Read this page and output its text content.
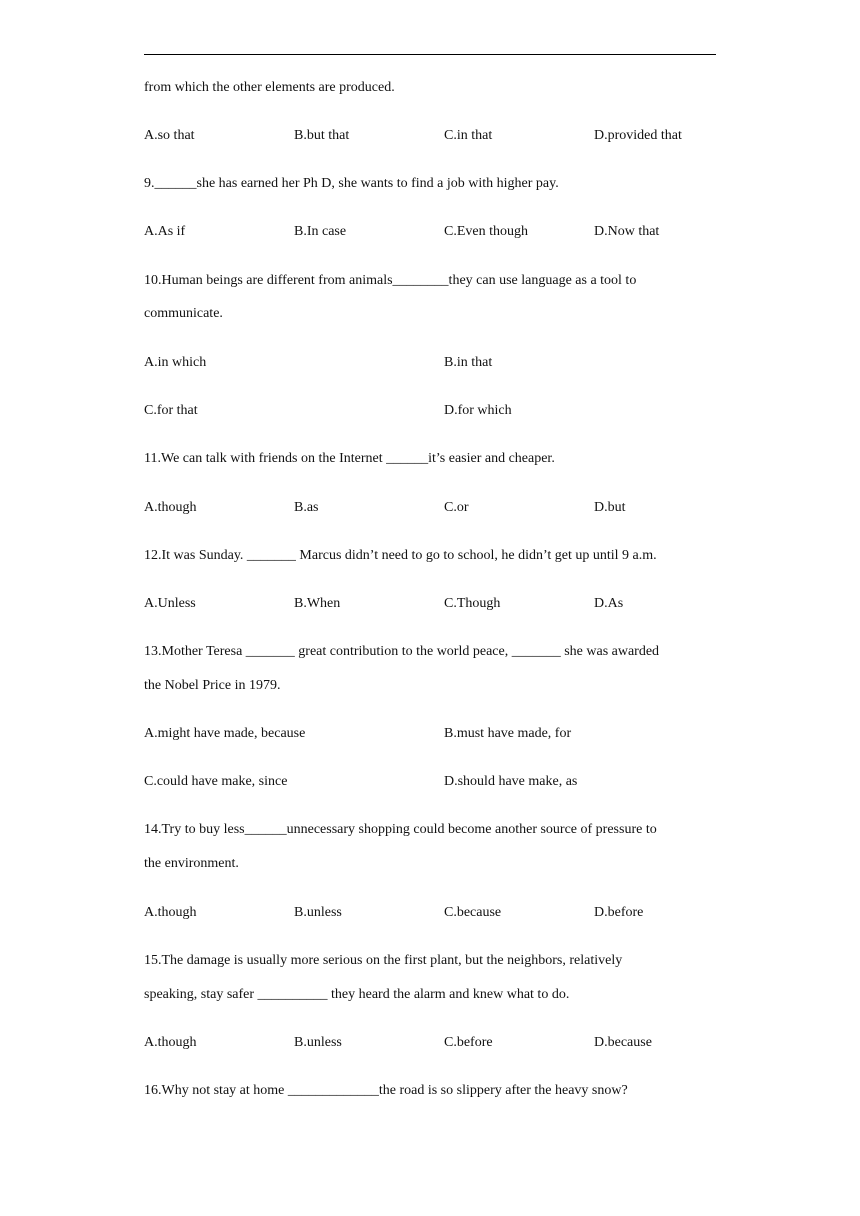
from which the other elements are produced.
A.so that	B.but that	C.in that	D.provided that
9.______she has earned her Ph D, she wants to find a job with higher pay.
A.As if	B.In case	C.Even though	D.Now that
10.Human beings are different from animals________they can use language as a tool to
communicate.
A.in which	B.in that
C.for that	D.for which
11.We can talk with friends on the Internet ______it’s easier and cheaper.
A.though	B.as	C.or	D.but
12.It was Sunday. _______ Marcus didn’t need to go to school, he didn’t get up until 9 a.m.
A.Unless	B.When	C.Though	D.As
13.Mother Teresa _______ great contribution to the world peace, _______ she was awarded
the Nobel Price in 1979.
A.might have made, because	B.must have made, for
C.could have make, since	D.should have make, as
14.Try to buy less______unnecessary shopping could become another source of pressure to
the environment.
A.though	B.unless	C.because	D.before
15.The damage is usually more serious on the first plant, but the neighbors, relatively
speaking, stay safer __________ they heard the alarm and knew what to do.
A.though	B.unless	C.before	D.because
16.Why not stay at home _____________the road is so slippery after the heavy snow?
